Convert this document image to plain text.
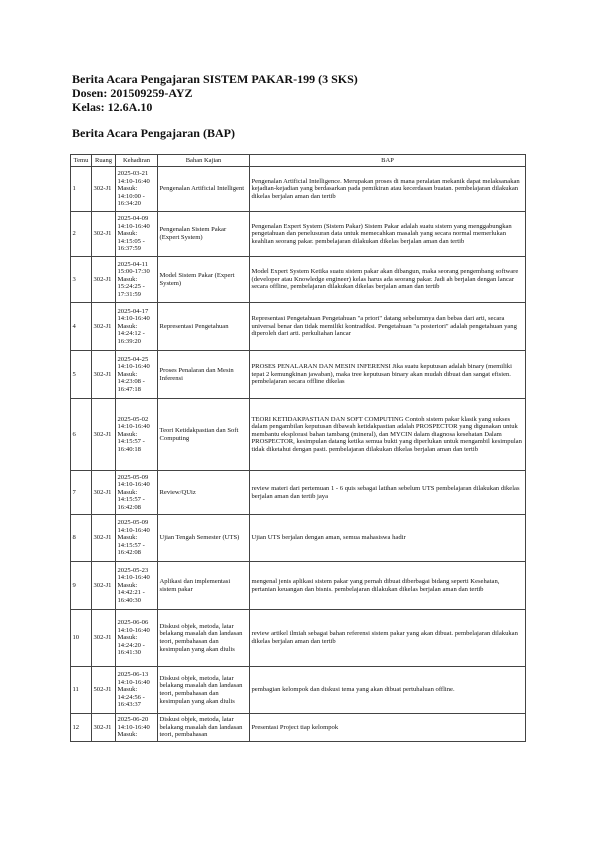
Berita Acara Pengajaran SISTEM PAKAR-199 (3 SKS)
Dosen: 201509259-AYZ
Kelas: 12.6A.10
Berita Acara Pengajaran (BAP)
Temu	Ruang	Kehadiran	Bahan Kajian	BAP
1	302-J1	2025-03-21 14:10-16:40 Masuk: 14:10:00 - 16:34:20	Pengenalan Artificial Intelligent	Pengenalan Artificial Intelligence. Merupakan proses di mana peralatan mekanik dapat melaksanakan kejadian-kejadian yang berdasarkan pada pemikiran atau kecerdasan buatan. pembelajaran dilakukan dikelas berjalan aman dan tertib
2	302-J1	2025-04-09 14:10-16:40 Masuk: 14:15:05 - 16:37:59	Pengenalan Sistem Pakar (Expert System)	Pengenalan Expert System (Sistem Pakar) Sistem Pakar adalah suatu sistem yang menggabungkan pengetahuan dan penelusuran data untuk memecahkan masalah yang secara normal memerlukan keahlian seorang pakar. pembelajaran dilakukan dikelas berjalan aman dan tertib
3	302-J1	2025-04-11 15:00-17:30 Masuk: 15:24:25 - 17:31:59	Model Sistem Pakar (Expert System)	Model Expert System Ketika suatu sistem pakar akan dibangun, maka seorang pengembang software (developer atau Knowledge engineer) kelas harus ada seorang pakar. Jadi ah berjalan dengan lancar secara offline, pembelajaran dilakukan dikelas berjalan aman dan tertib
4	302-J1	2025-04-17 14:10-16:40 Masuk: 14:24:12 - 16:39:20	Representasi Pengetahuan	Representasi Pengetahuan Pengetahuan "a priori" datang sebelumnya dan bebas dari arti, secara universal benar dan tidak memiliki kontradiksi. Pengetahuan "a posteriori" adalah pengetahuan yang diperoleh dari arti. perkuliahan lancar
5	302-J1	2025-04-25 14:10-16:40 Masuk: 14:23:08 - 16:47:18	Proses Penalaran dan Mesin Inferensi	PROSES PENALARAN DAN MESIN INFERENSI Jika suatu keputusan adalah binary (memiliki tepat 2 kemungkinan jawaban), maka tree keputusan binary akan mudah dibuat dan sangat efisien. pembelajaran secara offline dikelas
6	302-J1	2025-05-02 14:10-16:40 Masuk: 14:15:57 - 16:40:18	Teori Ketidakpastian dan Soft Computing	TEORI KETIDAKPASTIAN DAN SOFT COMPUTING Contoh sistem pakar klasik yang sukses dalam pengambilan keputusan dibawah ketidakpastian adalah PROSPECTOR yang digunakan untuk membantu eksplorasi bahan tambang (mineral), dan MYCIN dalam diagnosa kesehatan Dalam PROSPECTOR, kesimpulan datang ketika semua bukti yang diperlukan untuk mengambil kesimpulan tidak diketahui dengan pasti. pembelajaran dilakukan dikelas berjalan aman dan tertib
7	302-J1	2025-05-09 14:10-16:40 Masuk: 14:15:57 - 16:42:08	Review/QUiz	review materi dari pertemuan 1 - 6 quis sebagai latihan sebelum UTS pembelajaran dilakukan dikelas berjalan aman dan tertib jaya
8	302-J1	2025-05-09 14:10-16:40 Masuk: 14:15:57 - 16:42:08	Ujian Tengah Semester (UTS)	Ujian UTS berjalan dengan aman, semua mahasiswa hadir
9	302-J1	2025-05-23 14:10-16:40 Masuk: 14:42:21 - 16:40:30	Aplikasi dan implementasi sistem pakar	mengenal jenis aplikasi sistem pakar yang pernah dibuat diberbagai bidang seperti Kesehatan, pertanian keuangan dan bisnis. pembelajaran dilakukan dikelas berjalan aman dan tertib
10	302-J1	2025-06-06 14:10-16:40 Masuk: 14:24:20 - 16:41:30	Diskusi objek, metoda, latar belakang masalah dan landasan teori, pembahasan dan kesimpulan yang akan diulis	review artikel ilmiah sebagai bahan referensi sistem pakar yang akan dibuat. pembelajaran dilakukan dikelas berjalan aman dan tertib
11	502-J1	2025-06-13 14:10-16:40 Masuk: 14:24:56 - 16:43:37	Diskusi objek, metoda, latar belakang masalah dan landasan teori, pembahasan dan kesimpulan yang akan diulis	pembagian kelompok dan diskusi tema yang akan dibuat pertuhaluan offline.
12	302-J1	2025-06-20 14:10-16:40 Masuk:	Diskusi objek, metoda, latar belakang masalah dan landasan teori, pembahasan	Presentasi Project tiap kelompok
